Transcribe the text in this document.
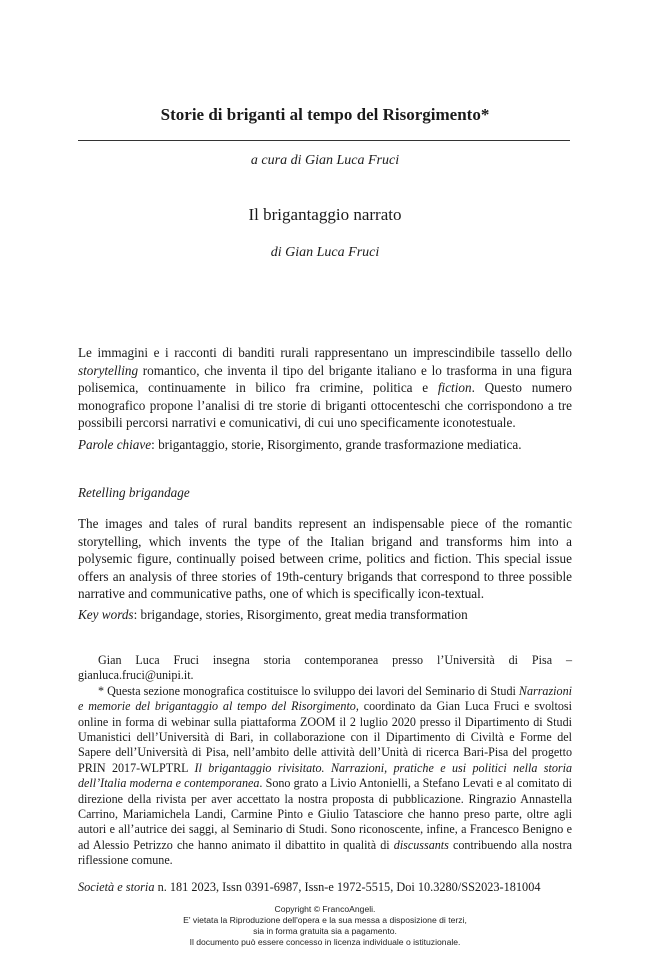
Storie di briganti al tempo del Risorgimento*
a cura di Gian Luca Fruci
Il brigantaggio narrato
di Gian Luca Fruci
Le immagini e i racconti di banditi rurali rappresentano un imprescindibile tassello dello storytelling romantico, che inventa il tipo del brigante italiano e lo trasforma in una figura polisemica, continuamente in bilico fra crimine, politica e fiction. Questo numero monografico propone l’analisi di tre storie di briganti ottocenteschi che corrispondono a tre possibili percorsi narrativi e comunicativi, di cui uno specificamente iconotestuale.
Parole chiave: brigantaggio, storie, Risorgimento, grande trasformazione mediatica.
Retelling brigandage
The images and tales of rural bandits represent an indispensable piece of the romantic storytelling, which invents the type of the Italian brigand and transforms him into a polysemic figure, continually poised between crime, politics and fiction. This special issue offers an analysis of three stories of 19th-century brigands that correspond to three possible narrative and communicative paths, one of which is specifically icon-textual.
Key words: brigandage, stories, Risorgimento, great media transformation

Gian Luca Fruci insegna storia contemporanea presso l’Università di Pisa – gianluca.fruci@unipi.it.

* Questa sezione monografica costituisce lo sviluppo dei lavori del Seminario di Studi Narrazioni e memorie del brigantaggio al tempo del Risorgimento, coordinato da Gian Luca Fruci e svoltosi online in forma di webinar sulla piattaforma ZOOM il 2 luglio 2020 presso il Dipartimento di Studi Umanistici dell’Università di Bari, in collaborazione con il Dipartimento di Civiltà e Forme del Sapere dell’Università di Pisa, nell’ambito delle attività dell’Unità di ricerca Bari-Pisa del progetto PRIN 2017-WLPTRL Il brigantaggio rivisitato. Narrazioni, pratiche e usi politici nella storia dell’Italia moderna e contemporanea. Sono grato a Livio Antonielli, a Stefano Levati e al comitato di direzione della rivista per aver accettato la nostra proposta di pubblicazione. Ringrazio Annastella Carrino, Mariamichela Landi, Carmine Pinto e Giulio Tatasciore che hanno preso parte, oltre agli autori e all’autrice dei saggi, al Seminario di Studi. Sono riconoscente, infine, a Francesco Benigno e ad Alessio Petrizzo che hanno animato il dibattito in qualità di discussants contribuendo alla nostra riflessione comune.

Società e storia n. 181 2023, Issn 0391-6987, Issn-e 1972-5515, Doi 10.3280/SS2023-181004
Copyright © FrancoAngeli.
E' vietata la Riproduzione dell'opera e la sua messa a disposizione di terzi,
sia in forma gratuita sia a pagamento.
Il documento può essere concesso in licenza individuale o istituzionale.
